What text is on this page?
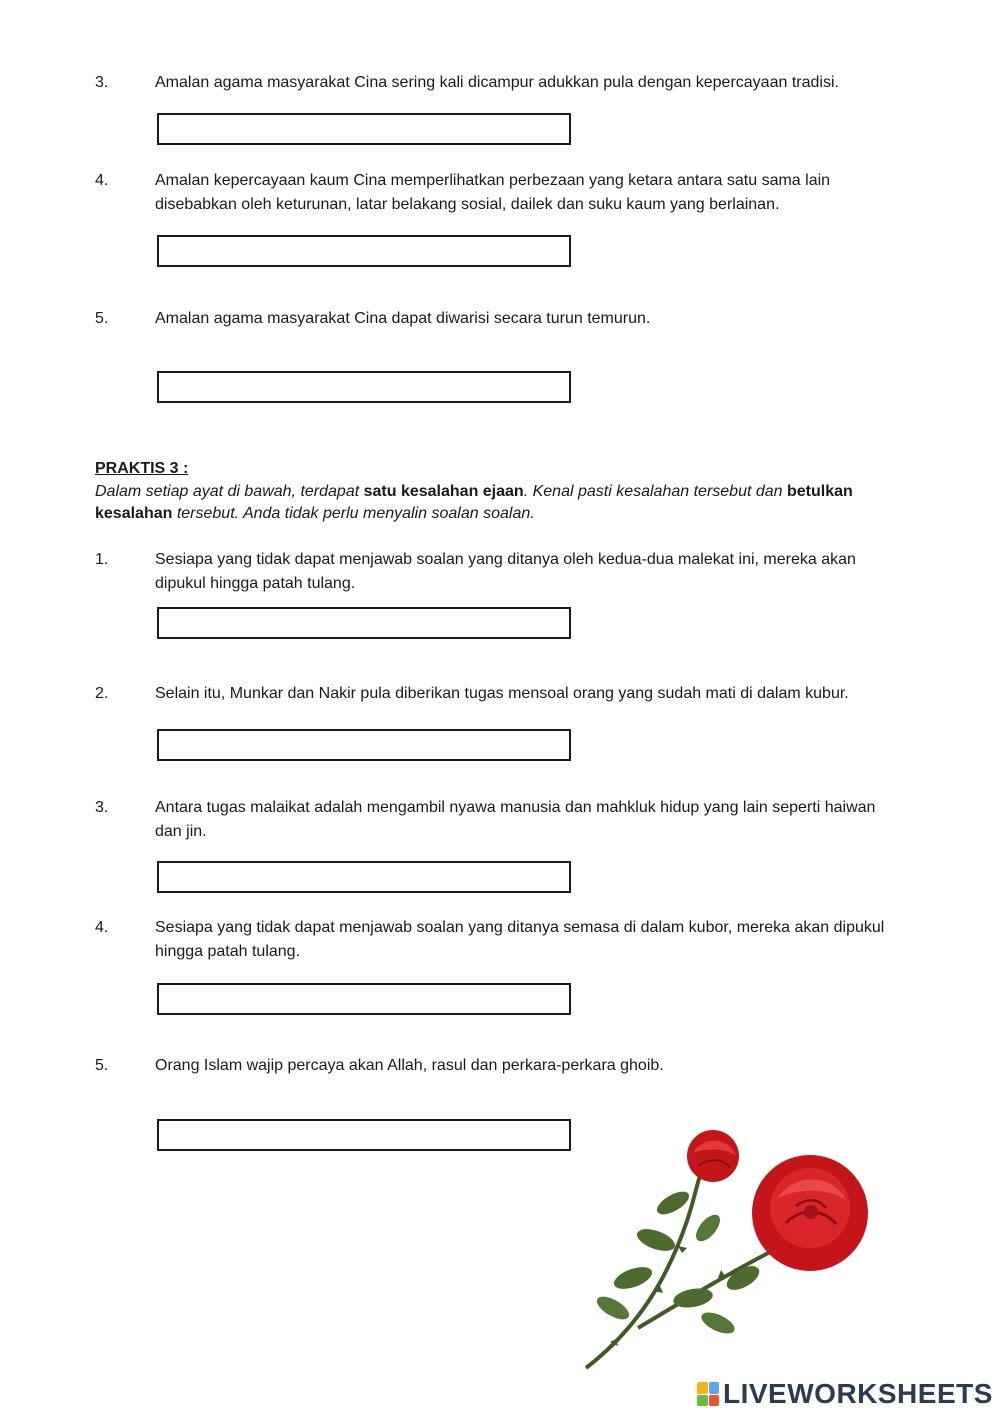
3.	Amalan agama masyarakat Cina sering kali dicampur adukkan pula dengan kepercayaan tradisi.
4.	Amalan kepercayaan kaum Cina memperlihatkan perbezaan yang ketara antara satu sama lain disebabkan oleh keturunan, latar belakang sosial, dailek dan suku kaum yang berlainan.
5.	Amalan agama masyarakat Cina dapat diwarisi secara turun temurun.
PRAKTIS 3 :
Dalam setiap ayat di bawah, terdapat satu kesalahan ejaan. Kenal pasti kesalahan tersebut dan betulkan kesalahan tersebut. Anda tidak perlu menyalin soalan soalan.
1.	Sesiapa yang tidak dapat menjawab soalan yang ditanya oleh kedua-dua malekat ini, mereka akan dipukul hingga patah tulang.
2.	Selain itu, Munkar dan Nakir pula diberikan tugas mensoal orang yang sudah mati di dalam kubur.
3.	Antara tugas malaikat adalah mengambil nyawa manusia dan mahkluk hidup yang lain seperti haiwan dan jin.
4.	Sesiapa yang tidak dapat menjawab soalan yang ditanya semasa di dalam kubor, mereka akan dipukul hingga patah tulang.
5.	Orang Islam wajip percaya akan Allah, rasul dan perkara-perkara ghoib.
LIVEWORKSHEETS
